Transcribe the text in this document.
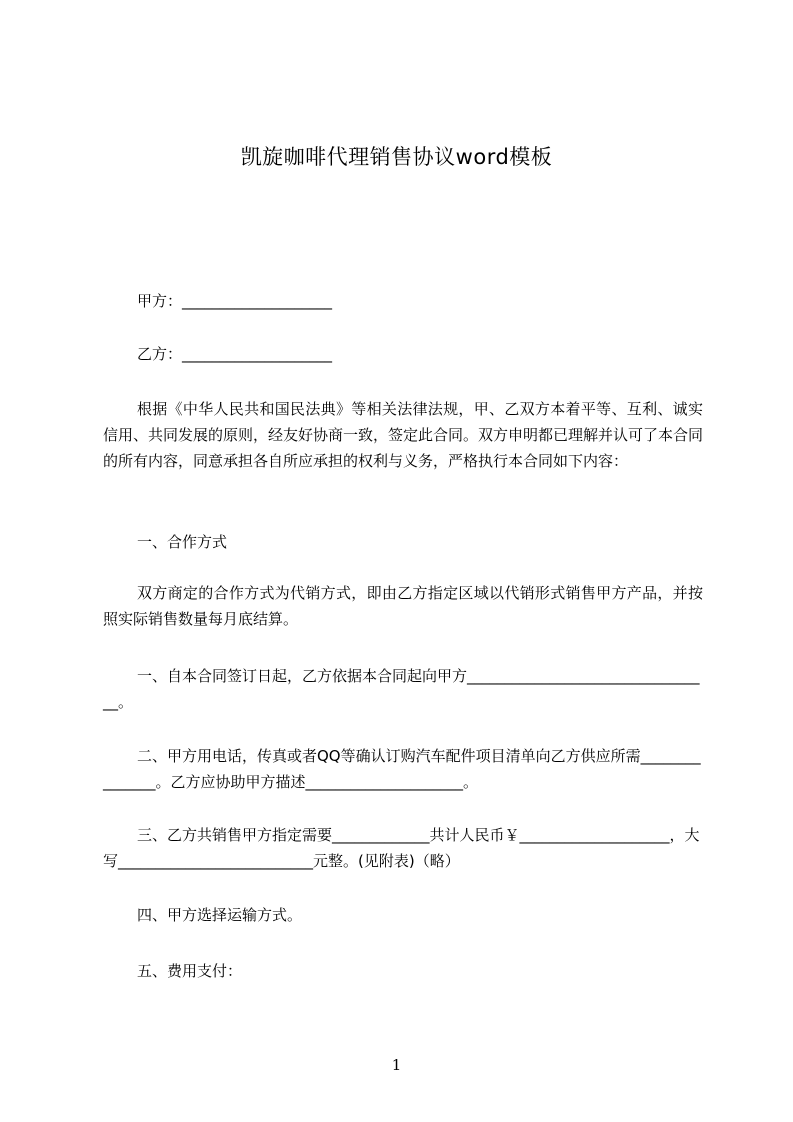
凯旋咖啡代理销售协议word模板
甲方：____________________
乙方：____________________
根据《中华人民共和国民法典》等相关法律法规，甲、乙双方本着平等、互利、诚实信用、共同发展的原则，经友好协商一致，签定此合同。双方申明都已理解并认可了本合同的所有内容，同意承担各自所应承担的权利与义务，严格执行本合同如下内容：
一、合作方式
双方商定的合作方式为代销方式，即由乙方指定区域以代销形式销售甲方产品，并按照实际销售数量每月底结算。
一、自本合同签订日起，乙方依据本合同起向甲方_________________________________。
二、甲方用电话，传真或者QQ等确认订购汽车配件项目清单向乙方供应所需_______________。乙方应协助甲方描述_____________________。
三、乙方共销售甲方指定需要_____________共计人民币￥____________________，大写__________________________元整。(见附表)（略）
四、甲方选择运输方式。
五、费用支付：
1
